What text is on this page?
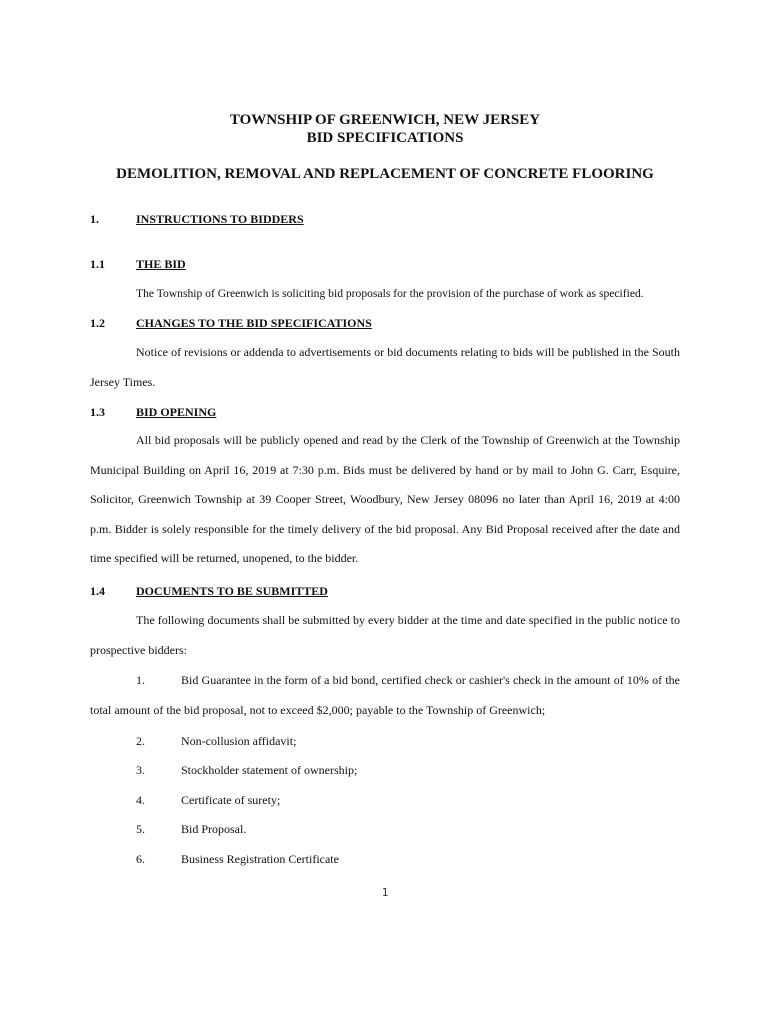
TOWNSHIP OF GREENWICH, NEW JERSEY
BID SPECIFICATIONS
DEMOLITION, REMOVAL AND REPLACEMENT OF CONCRETE FLOORING
1.	INSTRUCTIONS TO BIDDERS
1.1	THE BID
The Township of Greenwich is soliciting bid proposals for the provision of the purchase of work as specified.
1.2	CHANGES TO THE BID SPECIFICATIONS
Notice of revisions or addenda to advertisements or bid documents relating to bids will be published in the South Jersey Times.
1.3	BID OPENING
All bid proposals will be publicly opened and read by the Clerk of the Township of Greenwich at the Township Municipal Building on April 16, 2019 at 7:30 p.m. Bids must be delivered by hand or by mail to John G. Carr, Esquire, Solicitor, Greenwich Township at 39 Cooper Street, Woodbury, New Jersey 08096 no later than April 16, 2019 at 4:00 p.m. Bidder is solely responsible for the timely delivery of the bid proposal. Any Bid Proposal received after the date and time specified will be returned, unopened, to the bidder.
1.4	DOCUMENTS TO BE SUBMITTED
The following documents shall be submitted by every bidder at the time and date specified in the public notice to prospective bidders:
1.	Bid Guarantee in the form of a bid bond, certified check or cashier's check in the amount of 10% of the total amount of the bid proposal, not to exceed $2,000; payable to the Township of Greenwich;
2.	Non-collusion affidavit;
3.	Stockholder statement of ownership;
4.	Certificate of surety;
5.	Bid Proposal.
6.	Business Registration Certificate
1
